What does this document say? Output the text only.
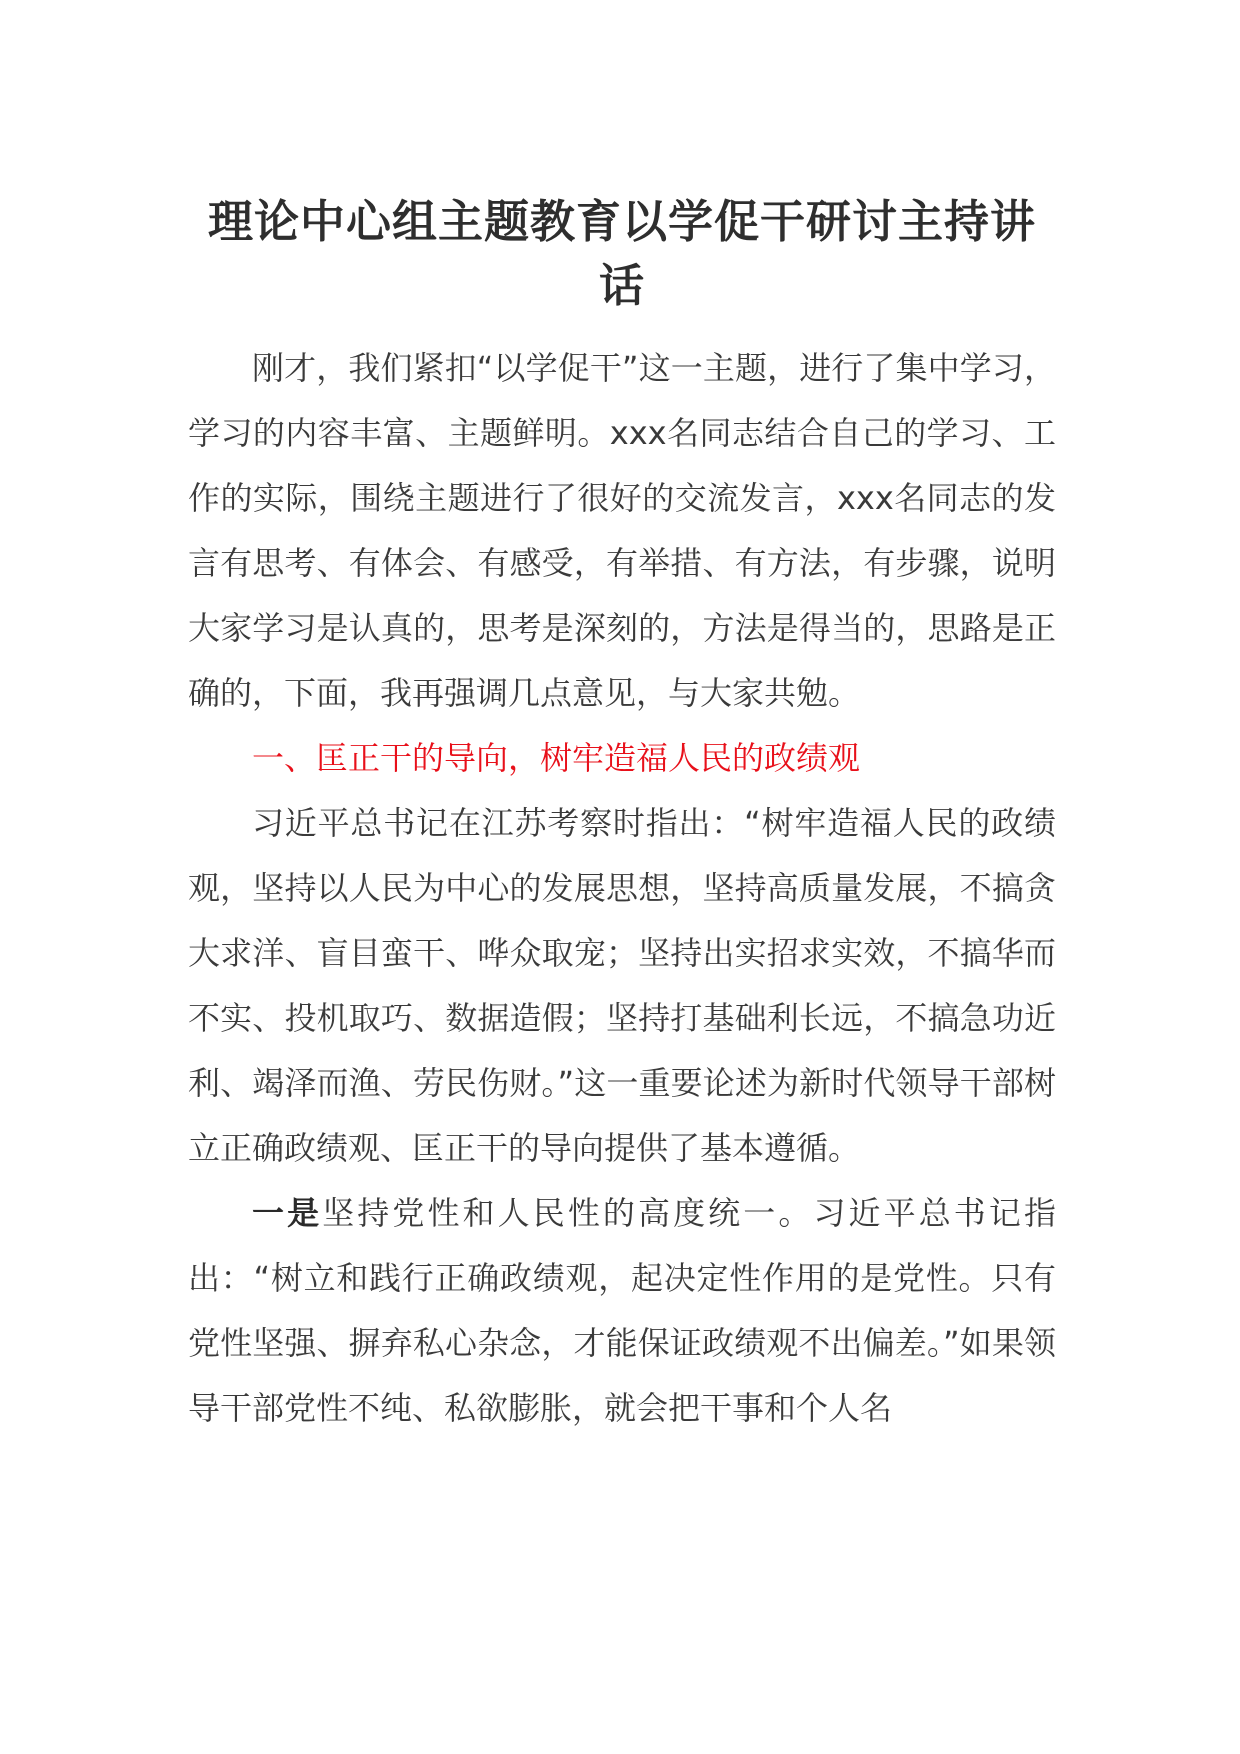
理论中心组主题教育以学促干研讨主持讲话

刚才，我们紧扣“以学促干”这一主题，进行了集中学习，学习的内容丰富、主题鲜明。xxx名同志结合自己的学习、工作的实际，围绕主题进行了很好的交流发言，xxx名同志的发言有思考、有体会、有感受，有举措、有方法，有步骤，说明大家学习是认真的，思考是深刻的，方法是得当的，思路是正确的，下面，我再强调几点意见，与大家共勉。

一、匡正干的导向，树牢造福人民的政绩观

习近平总书记在江苏考察时指出：“树牢造福人民的政绩观，坚持以人民为中心的发展思想，坚持高质量发展，不搞贪大求洋、盲目蛮干、哗众取宠；坚持出实招求实效，不搞华而不实、投机取巧、数据造假；坚持打基础利长远，不搞急功近利、竭泽而渔、劳民伤财。”这一重要论述为新时代领导干部树立正确政绩观、匡正干的导向提供了基本遵循。

一是坚持党性和人民性的高度统一。习近平总书记指出：“树立和践行正确政绩观，起决定性作用的是党性。只有党性坚强、摒弃私心杂念，才能保证政绩观不出偏差。”如果领导干部党性不纯、私欲膨胀，就会把干事和个人名
